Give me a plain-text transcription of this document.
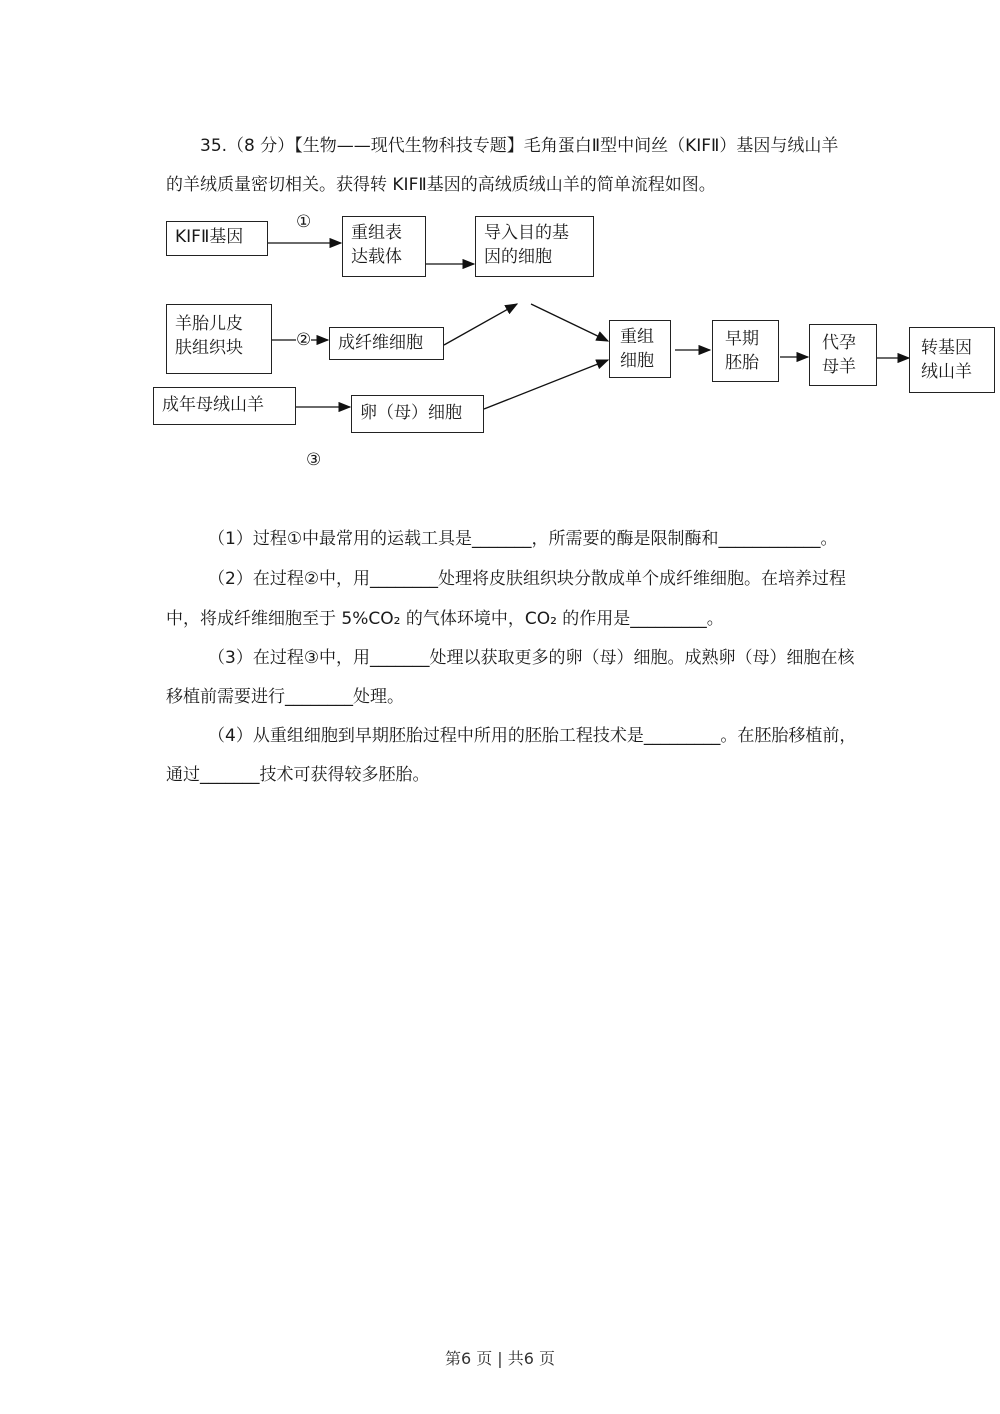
35.（8 分）【生物——现代生物科技专题】毛角蛋白Ⅱ型中间丝（KIFⅡ）基因与绒山羊
的羊绒质量密切相关。获得转 KIFⅡ基因的高绒质绒山羊的简单流程如图。
KIFⅡ基因
①
重组表
达载体
导入目的基
因的细胞
羊胎儿皮
肤组织块	②	成纤维细胞
成年母绒山羊	卵（母）细胞
③
重组
细胞
早期
胚胎
代孕
母羊
转基因
绒山羊
（1）过程①中最常用的运载工具是_______，所需要的酶是限制酶和____________。
（2）在过程②中，用________处理将皮肤组织块分散成单个成纤维细胞。在培养过程
中，将成纤维细胞至于 5%CO₂ 的气体环境中，CO₂ 的作用是_________。
（3）在过程③中，用_______处理以获取更多的卵（母）细胞。成熟卵（母）细胞在核
移植前需要进行________处理。
（4）从重组细胞到早期胚胎过程中所用的胚胎工程技术是_________。在胚胎移植前，
通过_______技术可获得较多胚胎。
第6 页 | 共6 页
